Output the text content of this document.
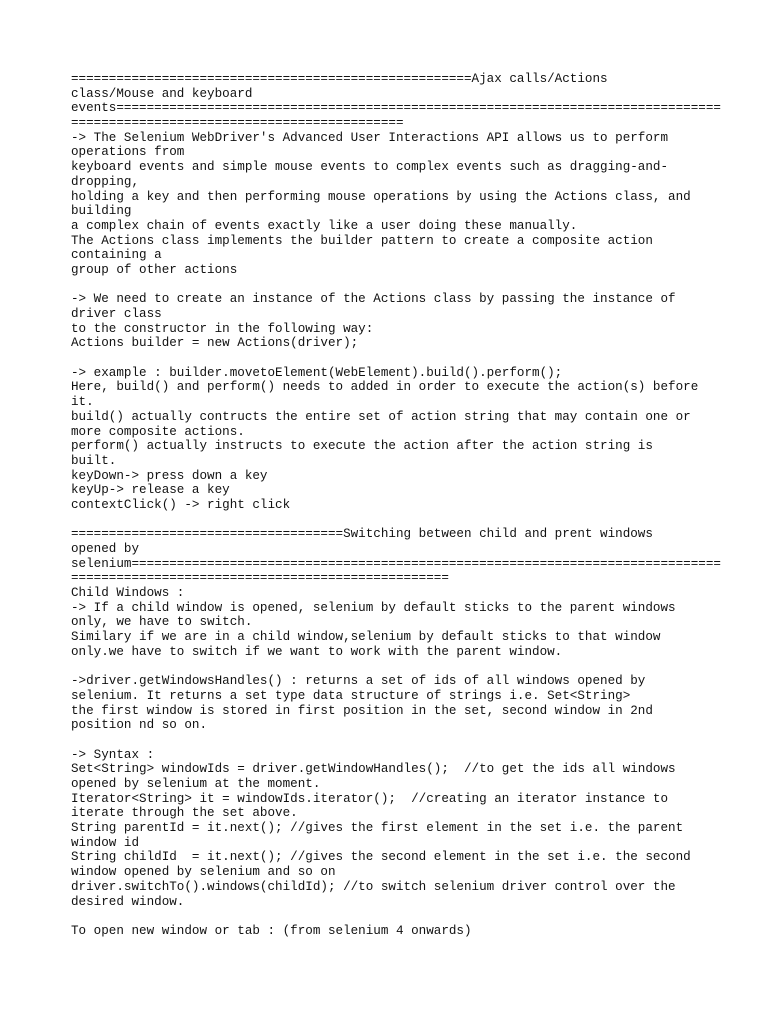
=====================================================Ajax calls/Actions
class/Mouse and keyboard
events================================================================================
============================================
-> The Selenium WebDriver's Advanced User Interactions API allows us to perform
operations from
keyboard events and simple mouse events to complex events such as dragging-and-
dropping,
holding a key and then performing mouse operations by using the Actions class, and
building
a complex chain of events exactly like a user doing these manually.
The Actions class implements the builder pattern to create a composite action
containing a
group of other actions
-> We need to create an instance of the Actions class by passing the instance of
driver class
to the constructor in the following way:
Actions builder = new Actions(driver);
-> example : builder.movetoElement(WebElement).build().perform();
Here, build() and perform() needs to added in order to execute the action(s) before
it.
build() actually contructs the entire set of action string that may contain one or
more composite actions.
perform() actually instructs to execute the action after the action string is
built.
keyDown-> press down a key
keyUp-> release a key
contextClick() -> right click
====================================Switching between child and prent windows
opened by
selenium==============================================================================
==================================================
Child Windows :
-> If a child window is opened, selenium by default sticks to the parent windows
only, we have to switch.
Similary if we are in a child window,selenium by default sticks to that window
only.we have to switch if we want to work with the parent window.
->driver.getWindowsHandles() : returns a set of ids of all windows opened by
selenium. It returns a set type data structure of strings i.e. Set<String>
the first window is stored in first position in the set, second window in 2nd
position nd so on.
-> Syntax :
Set<String> windowIds = driver.getWindowHandles();  //to get the ids all windows
opened by selenium at the moment.
Iterator<String> it = windowIds.iterator();  //creating an iterator instance to
iterate through the set above.
String parentId = it.next(); //gives the first element in the set i.e. the parent
window id
String childId  = it.next(); //gives the second element in the set i.e. the second
window opened by selenium and so on
driver.switchTo().windows(childId); //to switch selenium driver control over the
desired window.
To open new window or tab : (from selenium 4 onwards)
